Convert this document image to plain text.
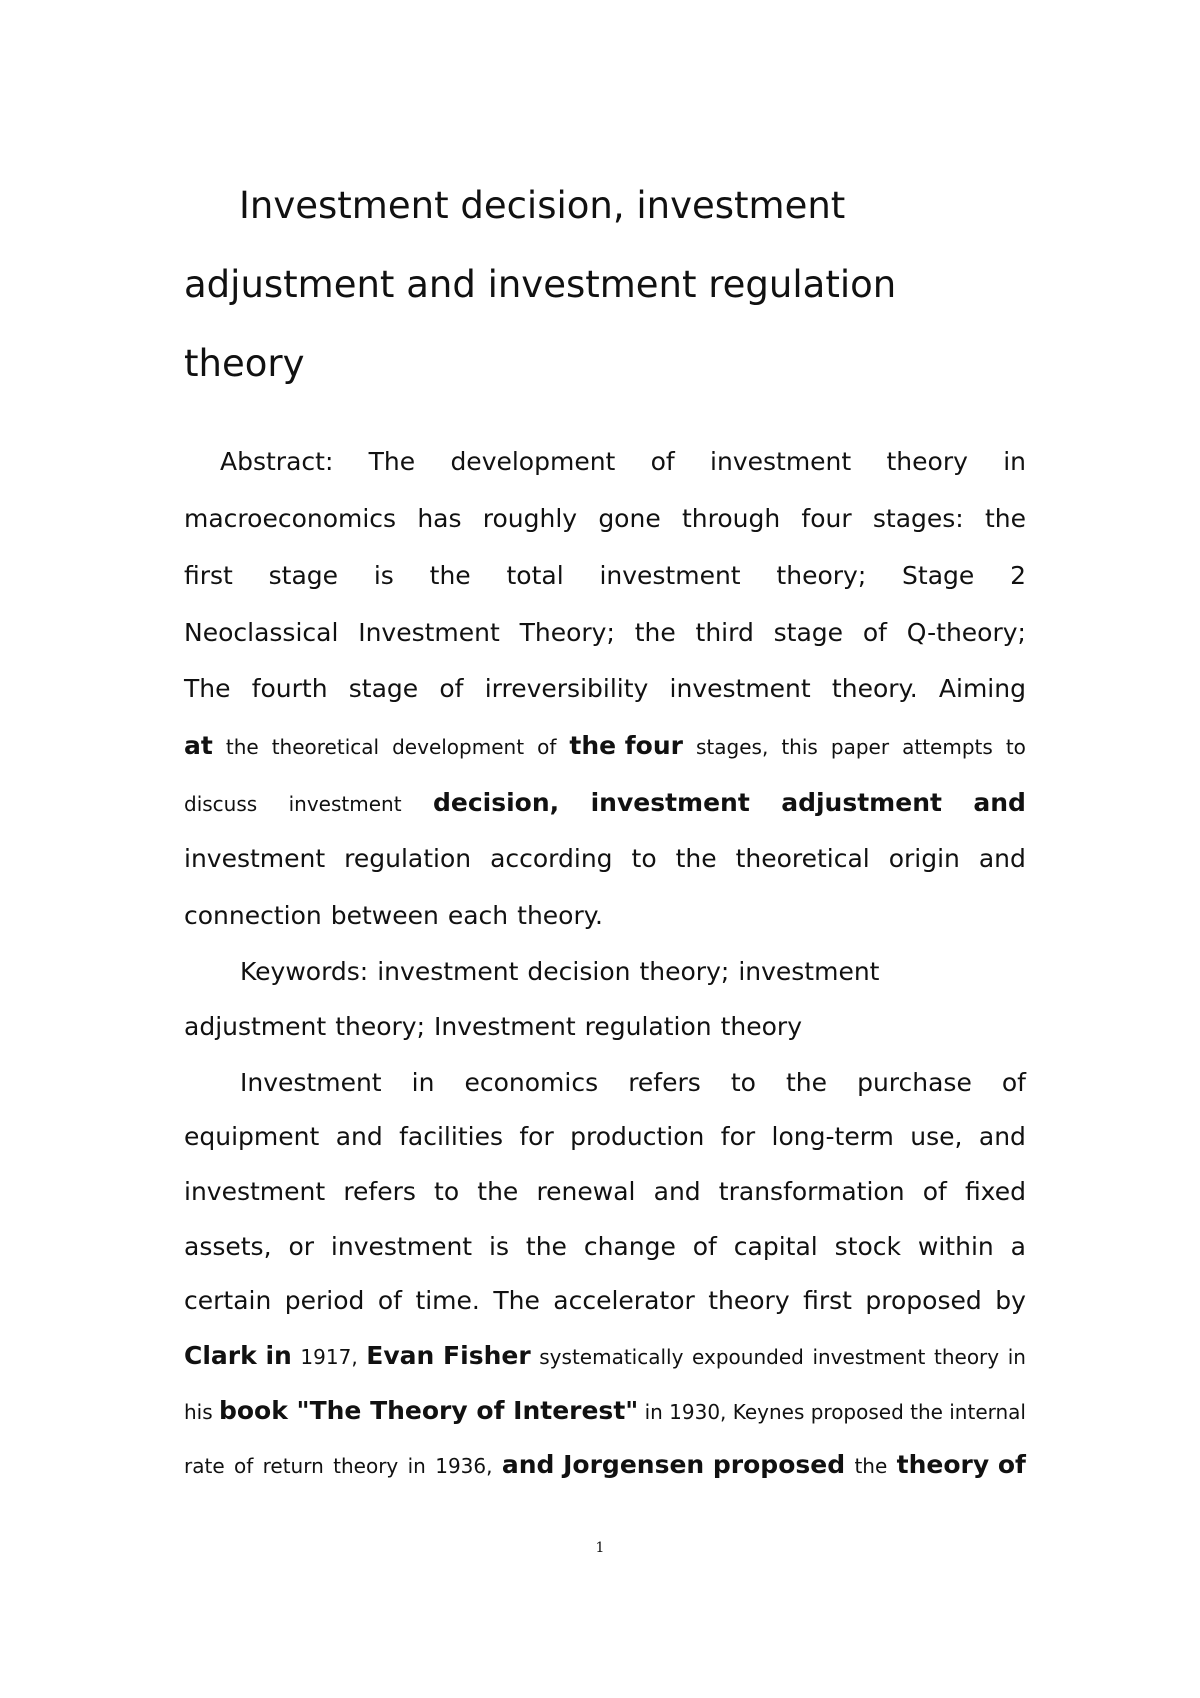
Investment decision, investment
adjustment and investment regulation
theory
Abstract: The development of investment theory in
macroeconomics has roughly gone through four stages: the
first stage is the total investment theory; Stage 2
Neoclassical Investment Theory; the third stage of Q-theory;
The fourth stage of irreversibility investment theory. Aiming
at the theoretical development of the four stages, this paper attempts to
discuss investment decision, investment adjustment and
investment regulation according to the theoretical origin and
connection between each theory.
Keywords: investment decision theory; investment
adjustment theory; Investment regulation theory
Investment in economics refers to the purchase of
equipment and facilities for production for long-term use, and
investment refers to the renewal and transformation of fixed
assets, or investment is the change of capital stock within a
certain period of time. The accelerator theory first proposed by
Clark in 1917, Evan Fisher systematically expounded investment theory in
his book "The Theory of Interest" in 1930, Keynes proposed the internal
rate of return theory in 1936, and Jorgensen proposed the theory of
1
